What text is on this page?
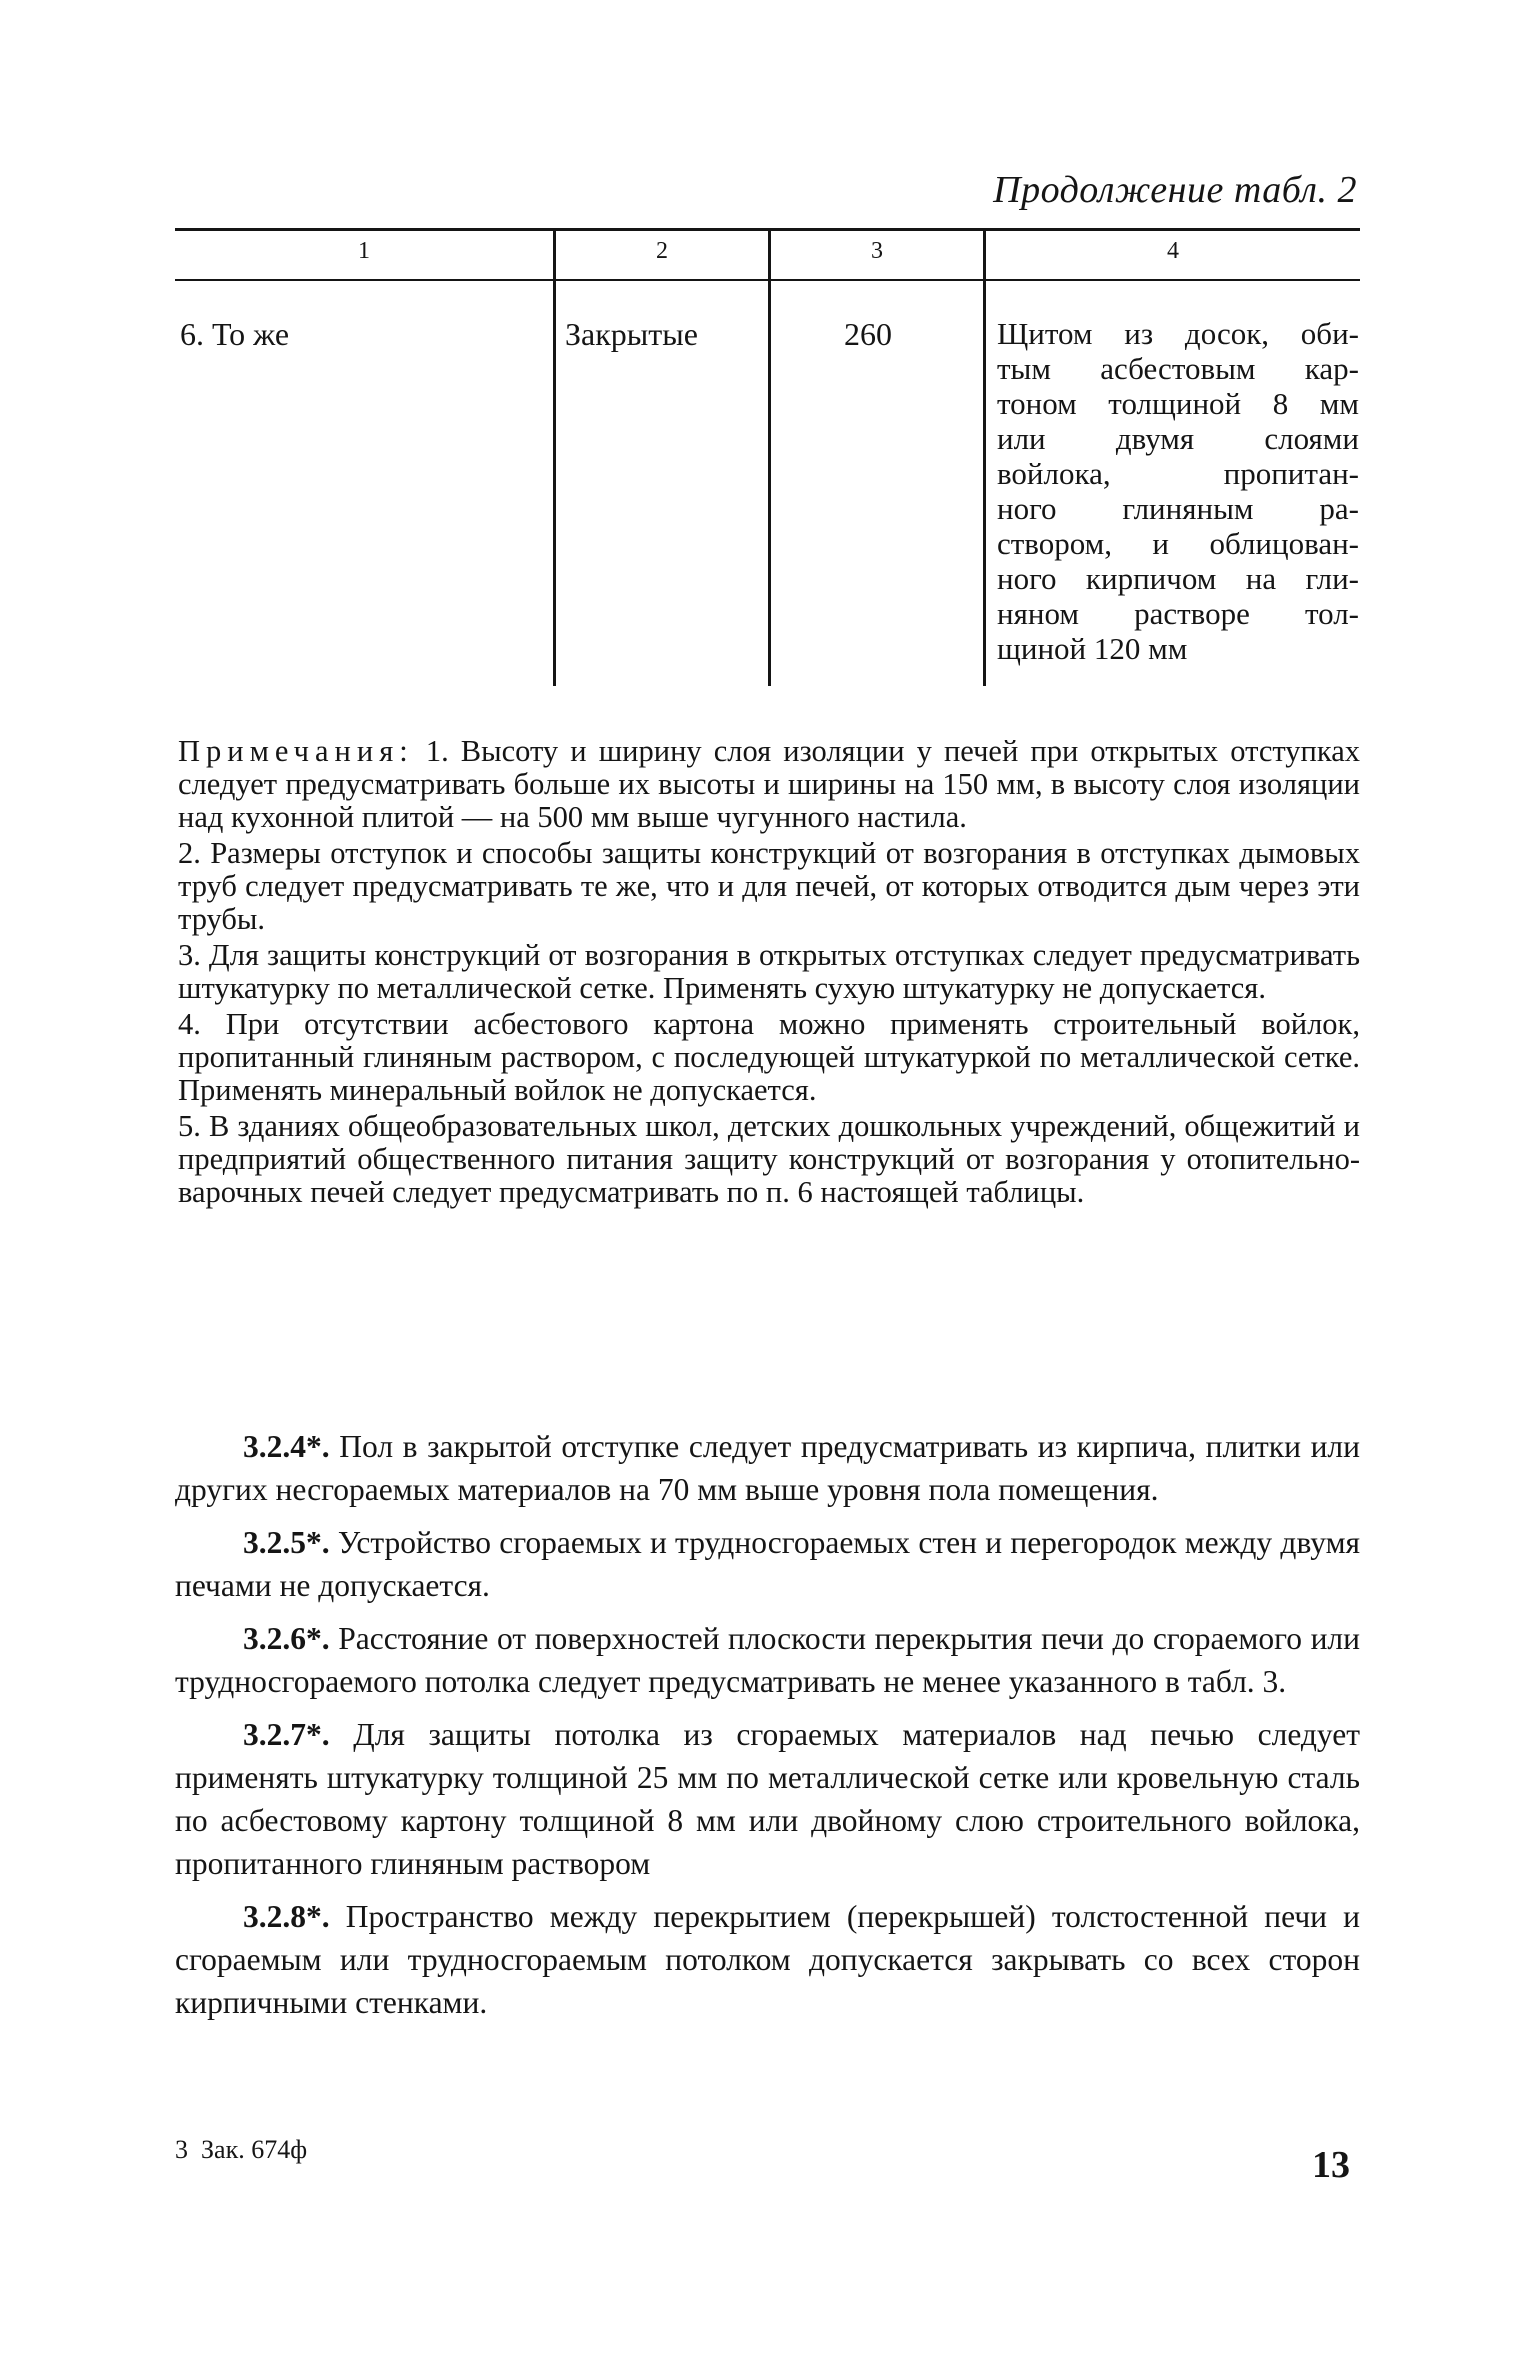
Продолжение табл. 2
1	2	3	4
6. То же	Закрытые	260	Щитом из досок, оби-
тым асбестовым кар-
тоном толщиной 8 мм
или двумя слоями
войлока, пропитан-
ного глиняным ра-
створом, и облицован-
ного кирпичом на гли-
няном растворе тол-
щиной 120 мм

Примечания: 1. Высоту и ширину слоя изоляции у печей при открытых отступках следует предусматривать больше их высоты и ширины на 150 мм, в высоту слоя изоляции над кухонной плитой — на 500 мм выше чугунного настила.

2. Размеры отступок и способы защиты конструкций от возгорания в отступках дымовых труб следует предусматривать те же, что и для печей, от которых отводится дым через эти трубы.

3. Для защиты конструкций от возгорания в открытых отступках следует предусматривать штукатурку по металлической сетке. Применять сухую штукатурку не допускается.

4. При отсутствии асбестового картона можно применять строительный войлок, пропитанный глиняным раствором, с последующей штукатуркой по металлической сетке. Применять минеральный войлок не допускается.

5. В зданиях общеобразовательных школ, детских дошкольных учреждений, общежитий и предприятий общественного питания защиту конструкций от возгорания у отопительно-варочных печей следует предусматривать по п. 6 настоящей таблицы.

3.2.4*. Пол в закрытой отступке следует предусматривать из кирпича, плитки или других несгораемых материалов на 70 мм выше уровня пола помещения.

3.2.5*. Устройство сгораемых и трудносгораемых стен и перегородок между двумя печами не допускается.

3.2.6*. Расстояние от поверхностей плоскости перекрытия печи до сгораемого или трудносгораемого потолка следует предусматривать не менее указанного в табл. 3.

3.2.7*. Для защиты потолка из сгораемых материалов над печью следует применять штукатурку толщиной 25 мм по металлической сетке или кровельную сталь по асбестовому картону толщиной 8 мм или двойному слою строительного войлока, пропитанного глиняным раствором

3.2.8*. Пространство между перекрытием (перекрышей) толстостенной печи и сгораемым или трудносгораемым потолком допускается закрывать со всех сторон кирпичными стенками.

3  Зак. 674ф	13
